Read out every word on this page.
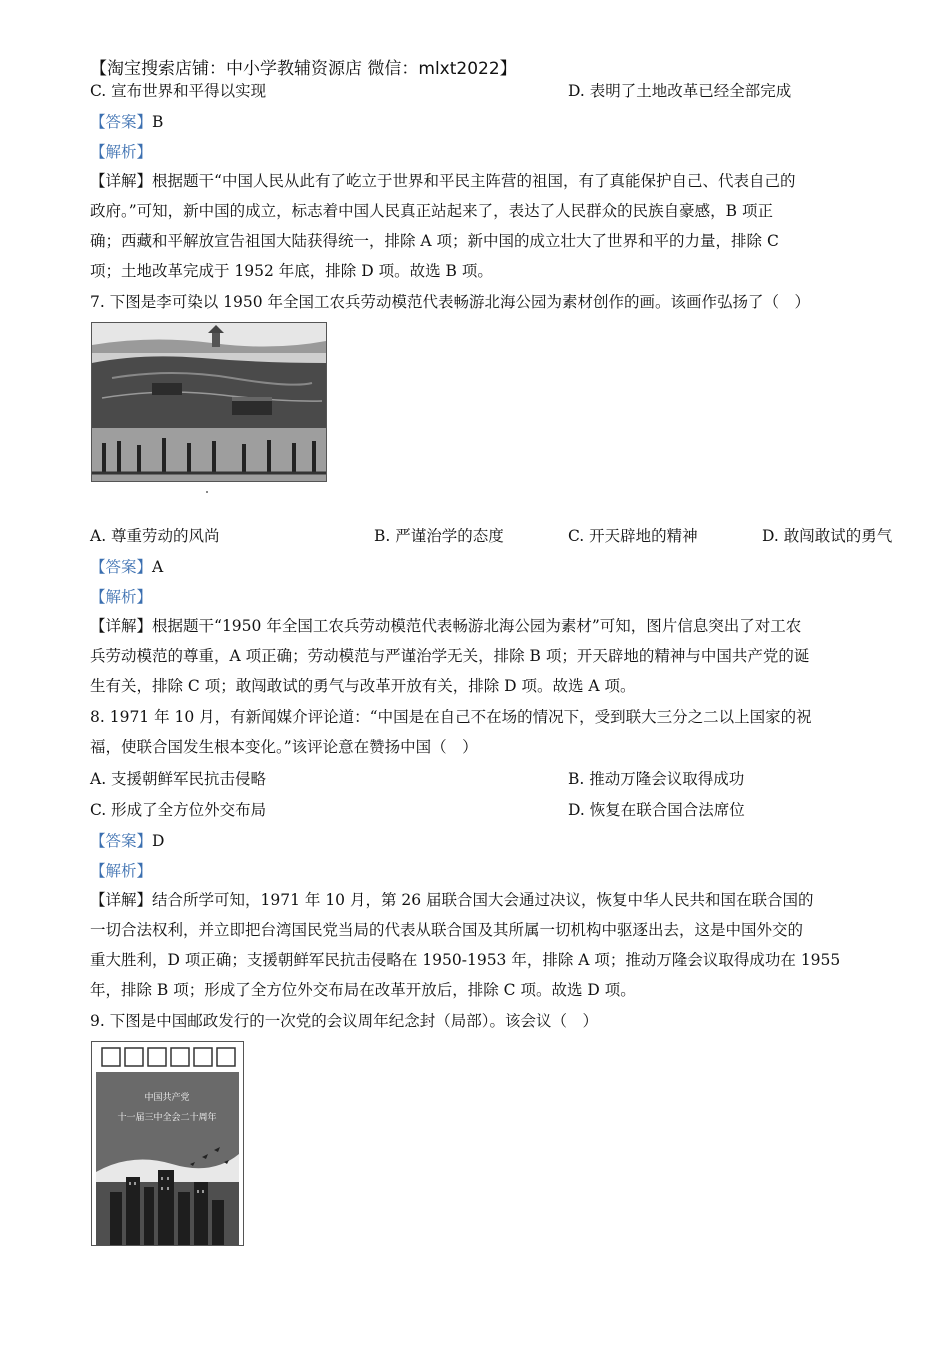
【淘宝搜索店铺：中小学教辅资源店 微信：mlxt2022】
C. 宣布世界和平得以实现	D. 表明了土地改革已经全部完成
【答案】B
【解析】
【详解】根据题干“中国人民从此有了屹立于世界和平民主阵营的祖国，有了真能保护自己、代表自己的
政府。”可知，新中国的成立，标志着中国人民真正站起来了，表达了人民群众的民族自豪感，B 项正
确；西藏和平解放宣告祖国大陆获得统一，排除 A 项；新中国的成立壮大了世界和平的力量，排除 C
项；土地改革完成于 1952 年底，排除 D 项。故选 B 项。
7. 下图是李可染以 1950 年全国工农兵劳动模范代表畅游北海公园为素材创作的画。该画作弘扬了（　）
A. 尊重劳动的风尚	B. 严谨治学的态度	C. 开天辟地的精神	D. 敢闯敢试的勇气
【答案】A
【解析】
【详解】根据题干“1950 年全国工农兵劳动模范代表畅游北海公园为素材”可知，图片信息突出了对工农
兵劳动模范的尊重，A 项正确；劳动模范与严谨治学无关，排除 B 项；开天辟地的精神与中国共产党的诞
生有关，排除 C 项；敢闯敢试的勇气与改革开放有关，排除 D 项。故选 A 项。
8. 1971 年 10 月，有新闻媒介评论道：“中国是在自己不在场的情况下，受到联大三分之二以上国家的祝
福，使联合国发生根本变化。”该评论意在赞扬中国（　）
A. 支援朝鲜军民抗击侵略	B. 推动万隆会议取得成功
C. 形成了全方位外交布局	D. 恢复在联合国合法席位
【答案】D
【解析】
【详解】结合所学可知，1971 年 10 月，第 26 届联合国大会通过决议，恢复中华人民共和国在联合国的
一切合法权利，并立即把台湾国民党当局的代表从联合国及其所属一切机构中驱逐出去，这是中国外交的
重大胜利，D 项正确；支援朝鲜军民抗击侵略在 1950-1953 年，排除 A 项；推动万隆会议取得成功在 1955
年，排除 B 项；形成了全方位外交布局在改革开放后，排除 C 项。故选 D 项。
9. 下图是中国邮政发行的一次党的会议周年纪念封（局部）。该会议（　）
中国共产党
十一届三中全会二十周年
